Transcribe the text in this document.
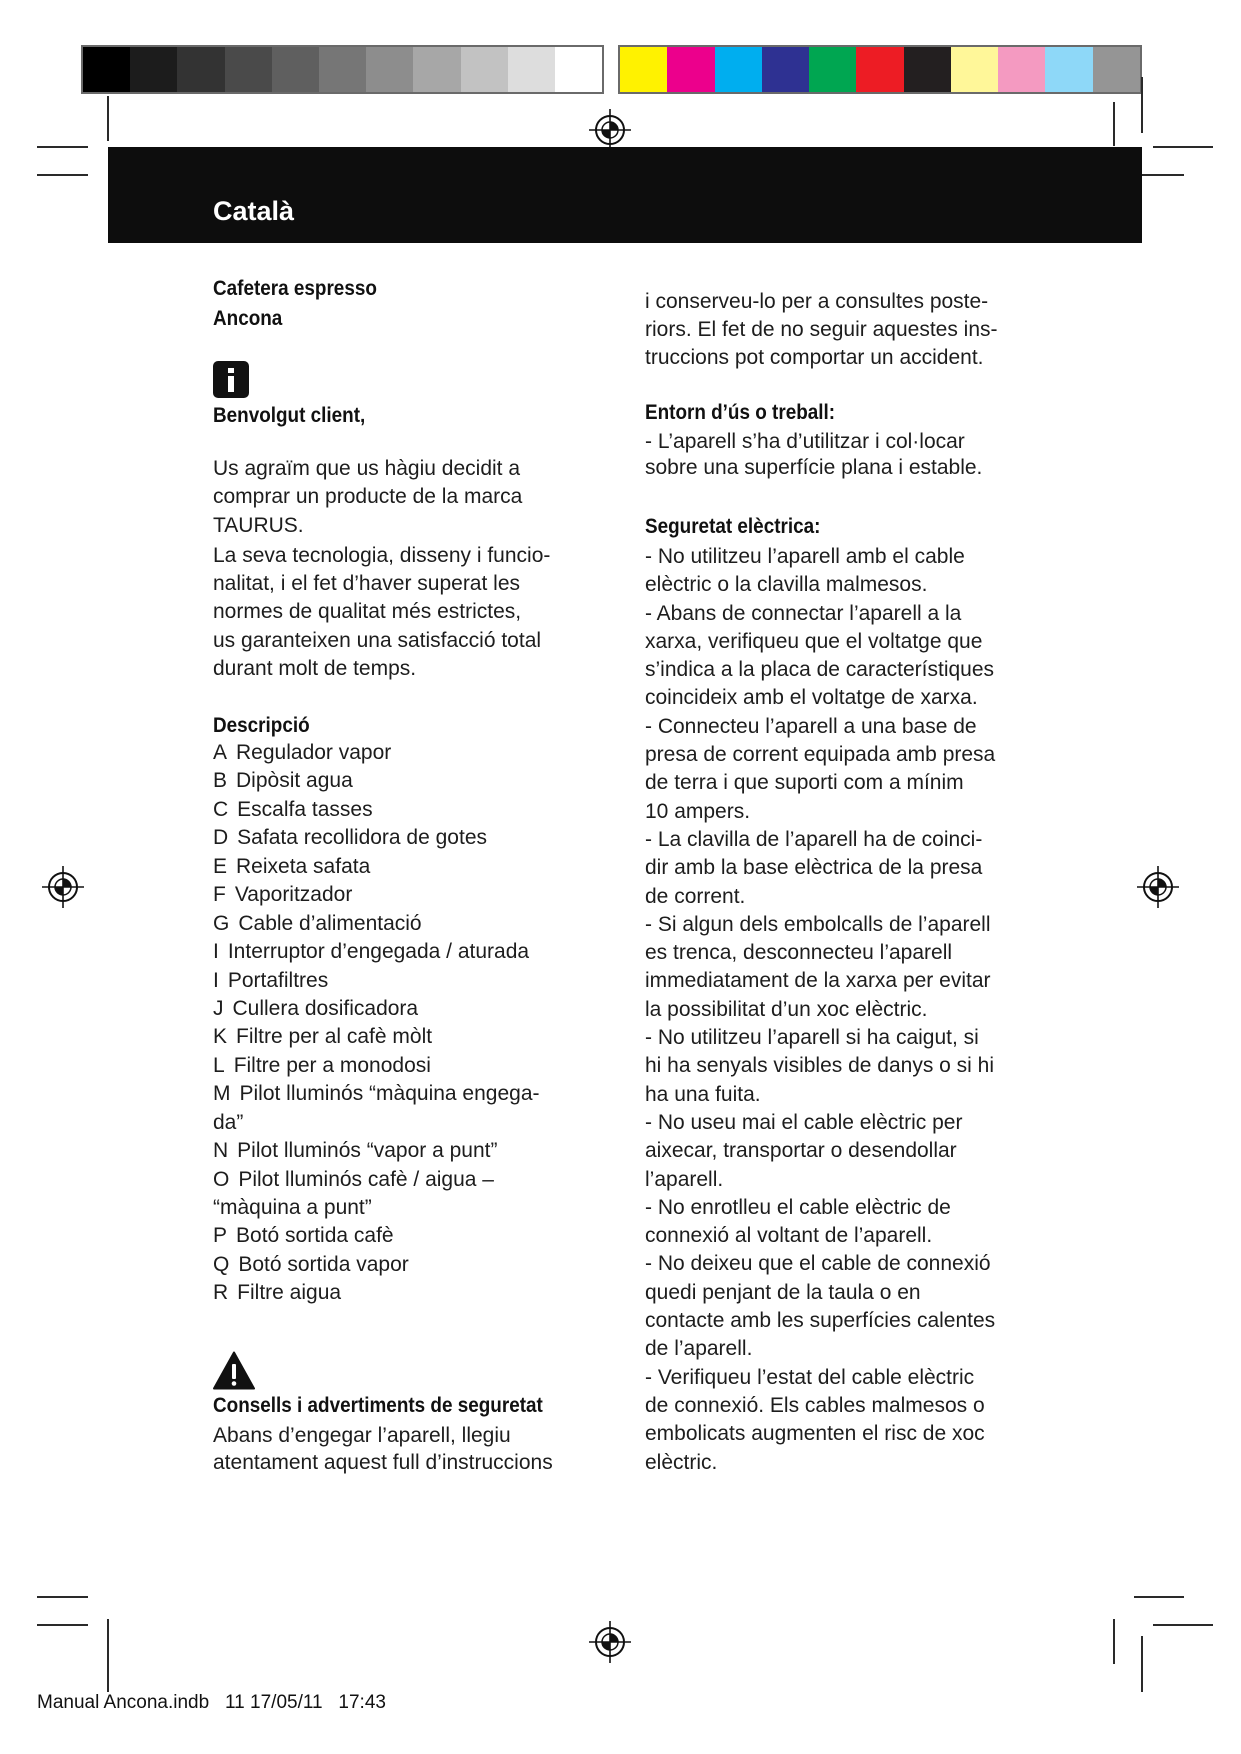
Català
Cafetera espresso
Ancona
Benvolgut client,
Us agraïm que us hàgiu decidit a
comprar un producte de la marca
TAURUS.
La seva tecnologia, disseny i funcio-
nalitat, i el fet d’haver superat les
normes de qualitat més estrictes,
us garanteixen una satisfacció total
durant molt de temps.
Descripció
A Regulador vapor
B Dipòsit agua
C Escalfa tasses
D Safata recollidora de gotes
E Reixeta safata
F Vaporitzador
G Cable d’alimentació
I Interruptor d’engegada / aturada
I Portafiltres
J Cullera dosificadora
K Filtre per al cafè mòlt
L Filtre per a monodosi
M Pilot lluminós “màquina engega-
da”
N Pilot lluminós “vapor a punt”
O Pilot lluminós cafè / aigua –
“màquina a punt”
P Botó sortida cafè
Q Botó sortida vapor
R Filtre aigua
Consells i advertiments de seguretat
Abans d’engegar l’aparell, llegiu
atentament aquest full d’instruccions
i conserveu-lo per a consultes poste-
riors. El fet de no seguir aquestes ins-
truccions pot comportar un accident.
Entorn d’ús o treball:
- L’aparell s’ha d’utilitzar i col·locar
sobre una superfície plana i estable.
Seguretat elèctrica:
- No utilitzeu l’aparell amb el cable
elèctric o la clavilla malmesos.
- Abans de connectar l’aparell a la
xarxa, verifiqueu que el voltatge que
s’indica a la placa de característiques
coincideix amb el voltatge de xarxa.
- Connecteu l’aparell a una base de
presa de corrent equipada amb presa
de terra i que suporti com a mínim
10 ampers.
- La clavilla de l’aparell ha de coinci-
dir amb la base elèctrica de la presa
de corrent.
- Si algun dels embolcalls de l’aparell
es trenca, desconnecteu l’aparell
immediatament de la xarxa per evitar
la possibilitat d’un xoc elèctric.
- No utilitzeu l’aparell si ha caigut, si
hi ha senyals visibles de danys o si hi
ha una fuita.
- No useu mai el cable elèctric per
aixecar, transportar o desendollar
l’aparell.
- No enrotlleu el cable elèctric de
connexió al voltant de l’aparell.
- No deixeu que el cable de connexió
quedi penjant de la taula o en
contacte amb les superfícies calentes
de l’aparell.
- Verifiqueu l’estat del cable elèctric
de connexió. Els cables malmesos o
embolicats augmenten el risc de xoc
elèctric.
Manual Ancona.indb   11 17/05/11   17:43
